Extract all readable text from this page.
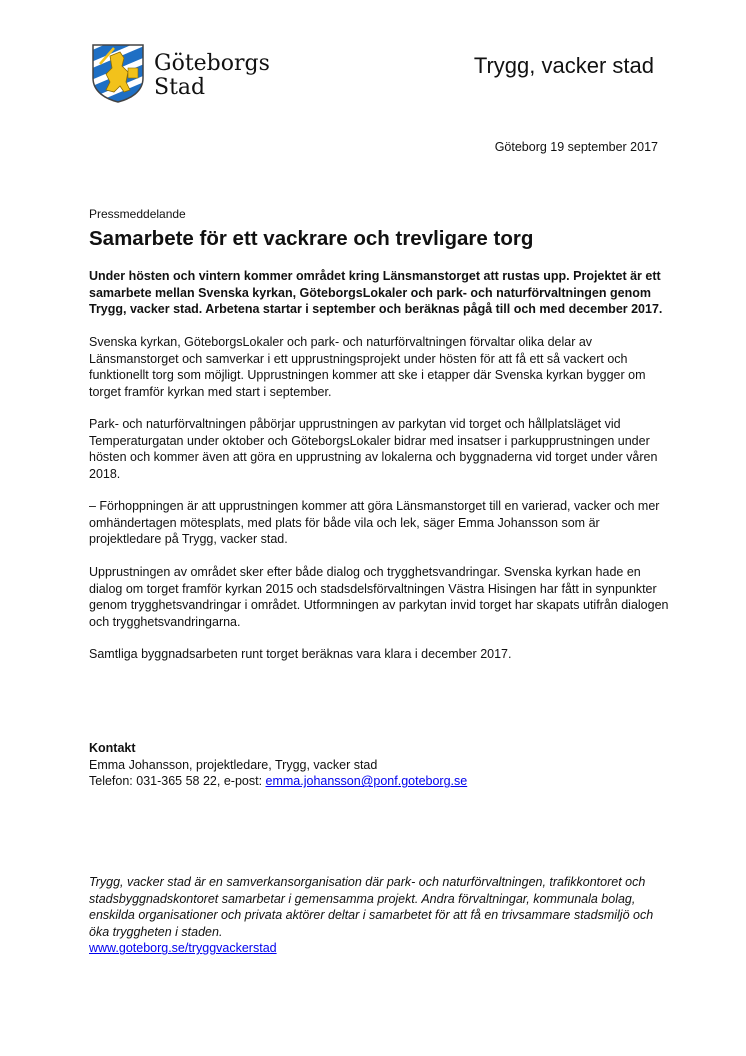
Göteborgs
Stad
Trygg, vacker stad
Göteborg 19 september 2017
Pressmeddelande
Samarbete för ett vackrare och trevligare torg

Under hösten och vintern kommer området kring Länsmanstorget att rustas upp. Projektet är ett samarbete mellan Svenska kyrkan, GöteborgsLokaler och park- och naturförvaltningen genom Trygg, vacker stad. Arbetena startar i september och beräknas pågå till och med december 2017.

Svenska kyrkan, GöteborgsLokaler och park- och naturförvaltningen förvaltar olika delar av Länsmanstorget och samverkar i ett upprustningsprojekt under hösten för att få ett så vackert och funktionellt torg som möjligt. Upprustningen kommer att ske i etapper där Svenska kyrkan bygger om torget framför kyrkan med start i september.

Park- och naturförvaltningen påbörjar upprustningen av parkytan vid torget och hållplatsläget vid Temperaturgatan under oktober och GöteborgsLokaler bidrar med insatser i parkupprustningen under hösten och kommer även att göra en upprustning av lokalerna och byggnaderna vid torget under våren 2018.

– Förhoppningen är att upprustningen kommer att göra Länsmanstorget till en varierad, vacker och mer omhändertagen mötesplats, med plats för både vila och lek, säger Emma Johansson som är projektledare på Trygg, vacker stad.

Upprustningen av området sker efter både dialog och trygghetsvandringar. Svenska kyrkan hade en dialog om torget framför kyrkan 2015 och stadsdelsförvaltningen Västra Hisingen har fått in synpunkter genom trygghetsvandringar i området. Utformningen av parkytan invid torget har skapats utifrån dialogen och trygghetsvandringarna.

Samtliga byggnadsarbeten runt torget beräknas vara klara i december 2017.

Kontakt
Emma Johansson, projektledare, Trygg, vacker stad
Telefon: 031-365 58 22, e-post: emma.johansson@ponf.goteborg.se

Trygg, vacker stad är en samverkansorganisation där park- och naturförvaltningen, trafikkontoret och stadsbyggnadskontoret samarbetar i gemensamma projekt. Andra förvaltningar, kommunala bolag, enskilda organisationer och privata aktörer deltar i samarbetet för att få en trivsammare stadsmiljö och öka tryggheten i staden.

www.goteborg.se/tryggvackerstad
